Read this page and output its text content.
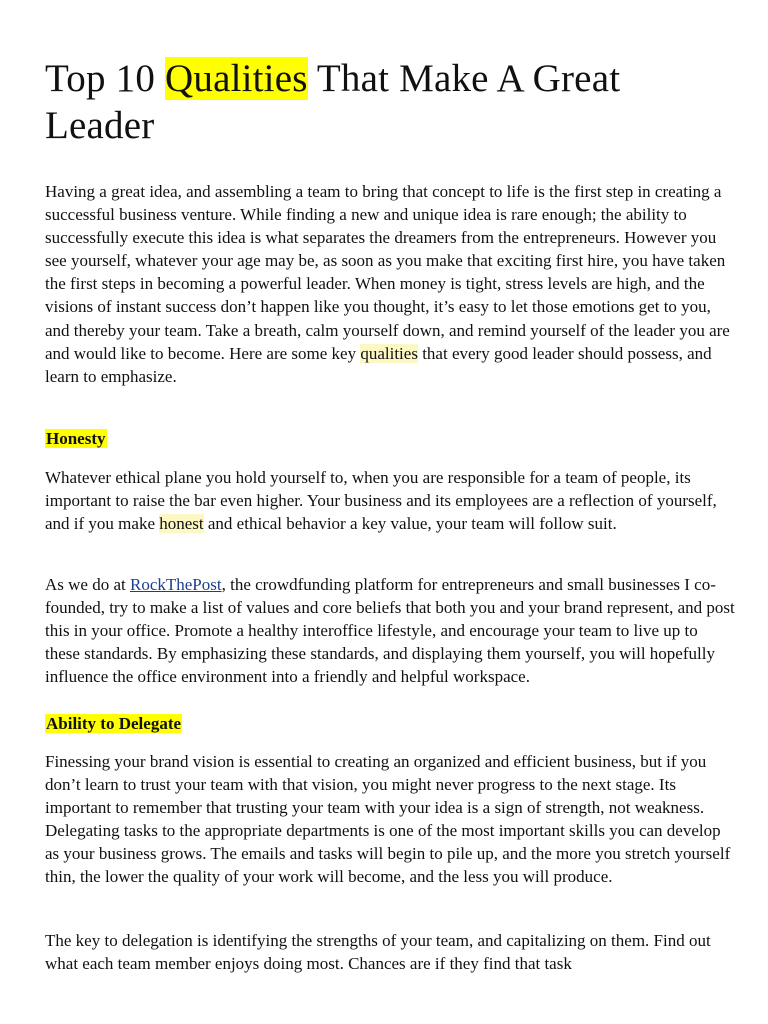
Top 10 Qualities That Make A Great Leader

Having a great idea, and assembling a team to bring that concept to life is the first step in creating a successful business venture. While finding a new and unique idea is rare enough; the ability to successfully execute this idea is what separates the dreamers from the entrepreneurs. However you see yourself, whatever your age may be, as soon as you make that exciting first hire, you have taken the first steps in becoming a powerful leader. When money is tight, stress levels are high, and the visions of instant success don’t happen like you thought, it’s easy to let those emotions get to you, and thereby your team. Take a breath, calm yourself down, and remind yourself of the leader you are and would like to become. Here are some key qualities that every good leader should possess, and learn to emphasize.

Honesty

Whatever ethical plane you hold yourself to, when you are responsible for a team of people, its important to raise the bar even higher. Your business and its employees are a reflection of yourself, and if you make honest and ethical behavior a key value, your team will follow suit.

As we do at RockThePost, the crowdfunding platform for entrepreneurs and small businesses I co-founded, try to make a list of values and core beliefs that both you and your brand represent, and post this in your office. Promote a healthy interoffice lifestyle, and encourage your team to live up to these standards. By emphasizing these standards, and displaying them yourself, you will hopefully influence the office environment into a friendly and helpful workspace.

Ability to Delegate

Finessing your brand vision is essential to creating an organized and efficient business, but if you don’t learn to trust your team with that vision, you might never progress to the next stage. Its important to remember that trusting your team with your idea is a sign of strength, not weakness. Delegating tasks to the appropriate departments is one of the most important skills you can develop as your business grows. The emails and tasks will begin to pile up, and the more you stretch yourself thin, the lower the quality of your work will become, and the less you will produce.

The key to delegation is identifying the strengths of your team, and capitalizing on them. Find out what each team member enjoys doing most. Chances are if they find that task
